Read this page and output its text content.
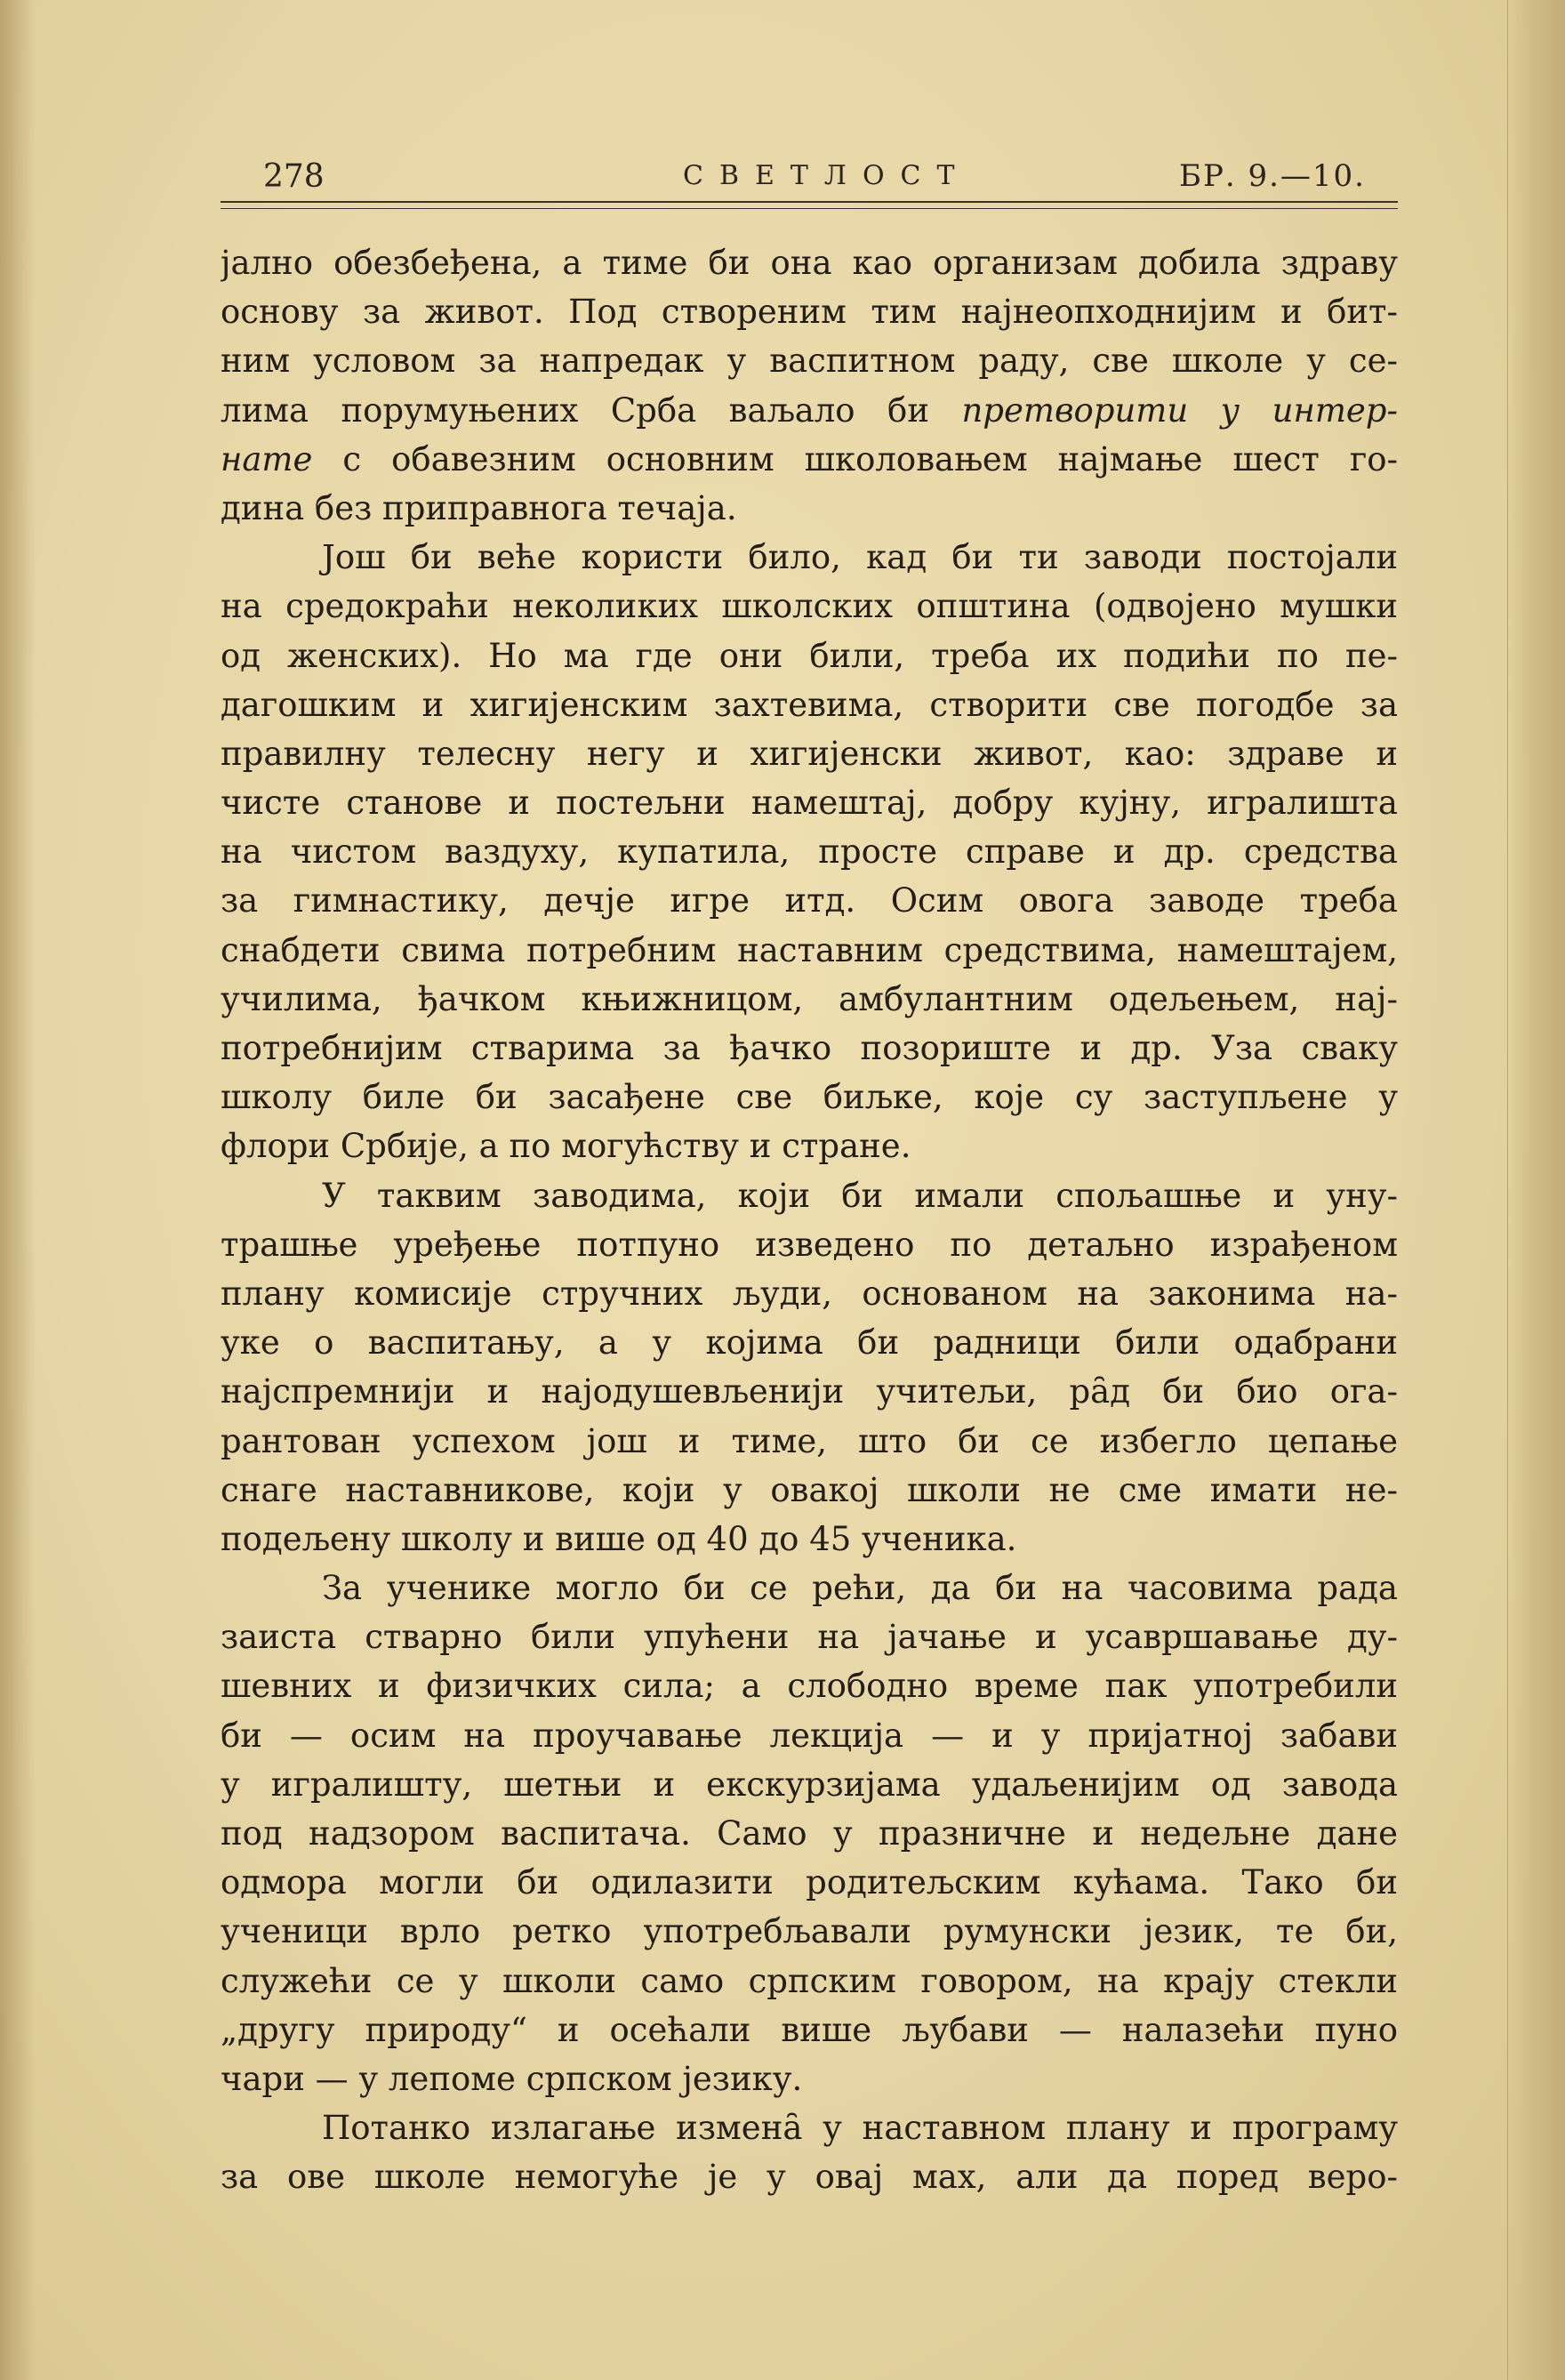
278	СВЕТЛОСТ	БР. 9.—10.
јално обезбеђена, а тиме би она као организам добила здраву
основу за живот. Под створеним тим најнеопходнијим и бит-
ним условом за напредак у васпитном раду, све школе у се-
лима порумуњених Срба ваљало би претворити у интер-
нате с обавезним основним школовањем најмање шест го-
дина без приправнога течаја.
Још би веће користи било, кад би ти заводи постојали
на средокраћи неколиких школских општина (одвојено мушки
од женских). Но ма где они били, треба их подићи по пе-
дагошким и хигијенским захтевима, створити све погодбе за
правилну телесну негу и хигијенски живот, као: здраве и
чисте станове и постељни намештај, добру кујну, игралишта
на чистом ваздуху, купатила, просте справе и др. средства
за гимнастику, дечје игре итд. Осим овога заводе треба
снабдети свима потребним наставним средствима, намештајем,
училима, ђачком књижницом, амбулантним одељењем, нај-
потребнијим стварима за ђачко позориште и др. Уза сваку
школу биле би засађене све биљке, које су заступљене у
флори Србије, а по могућству и стране.
У таквим заводима, који би имали спољашње и уну-
трашње уређење потпуно изведено по детаљно израђеном
плану комисије стручних људи, основаном на законима на-
уке о васпитању, а у којима би радници били одабрани
најспремнији и најодушевљенији учитељи, ра̑д би био ога-
рантован успехом још и тиме, што би се избегло цепање
снаге наставникове, који у овакој школи не сме имати не-
подељену школу и више од 40 до 45 ученика.
За ученике могло би се рећи, да би на часовима рада
заиста стварно били упућени на јачање и усавршавање ду-
шевних и физичких сила; а слободно време пак употребили
би — осим на проучавање лекција — и у пријатној забави
у игралишту, шетњи и екскурзијама удаљенијим од завода
под надзором васпитача. Само у празничне и недељне дане
одмора могли би одилазити родитељским кућама. Тако би
ученици врло ретко употребљавали румунски језик, те би,
служећи се у школи само српским говором, на крају стекли
„другу природу“ и осећали више љубави — налазећи пуно
чари — у лепоме српском језику.
Потанко излагање измена̑ у наставном плану и програму
за ове школе немогуће је у овај мах, али да поред веро-
